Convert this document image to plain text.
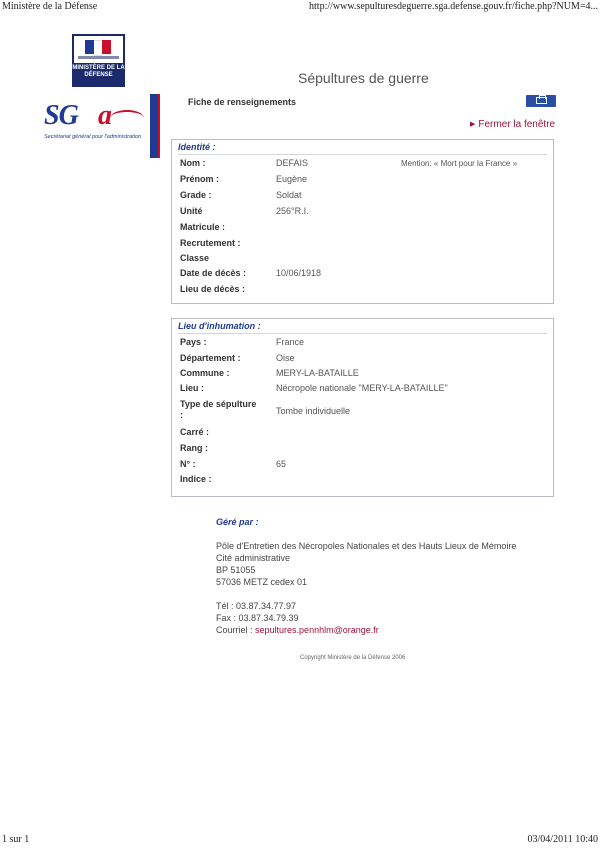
Ministère de la Défense	http://www.sepulturesdeguerre.sga.defense.gouv.fr/fiche.php?NUM=4...
MINISTÈRE DE LA DÉFENSE
SG a
Secrétariat général pour l'administration
Sépultures de guerre
Fiche de renseignements
▶ Fermer la fenêtre
Identité :
Mention: « Mort pour la France »
Nom :	DEFAIS
Prénom :	Eugène
Grade :	Soldat
Unité	256°R.I.
Matricule :
Recrutement :
Classe
Date de décès :	10/06/1918
Lieu de décès :
Lieu d'inhumation :
Pays :	France
Département :	Oise
Commune :	MERY-LA-BATAILLE
Lieu :	Nécropole nationale "MERY-LA-BATAILLE"
Type de sépulture
:	Tombe individuelle
Carré :
Rang :
N° :	65
Indice :
Géré par :
Pôle d'Entretien des Nécropoles Nationales et des Hauts Lieux de Mémoire
Cité administrative
BP 51055
57036 METZ cedex 01
Tél : 03.87.34.77.97
Fax : 03.87.34.79.39
Courriel : sepultures.pennhlm@orange.fr
Copyright Ministère de la Défense 2006
1 sur 1	03/04/2011 10:40
